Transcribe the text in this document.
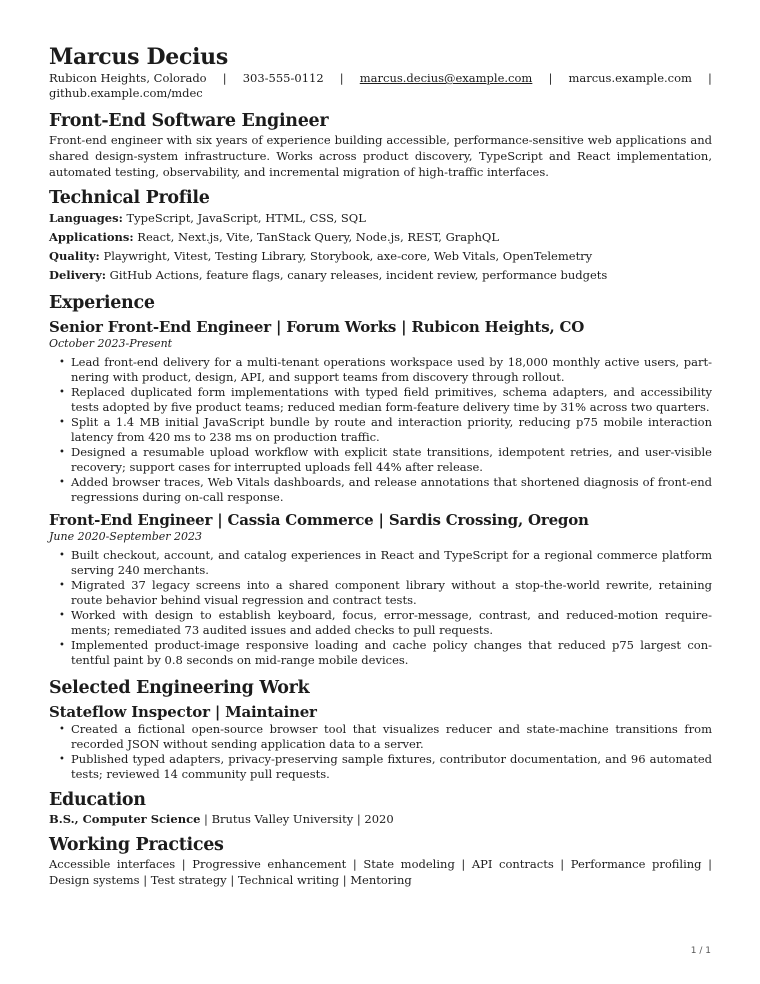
Marcus Decius
Rubicon Heights, Colorado | 303-555-0112 | marcus.decius@example.com | marcus.example.com |
github.example.com/mdec
Front-End Software Engineer

Front-end engineer with six years of experience building accessible, performance-sensitive web applications and shared design-system infrastructure. Works across product discovery, TypeScript and React implementation, automated testing, observability, and incremental migration of high-traffic interfaces.

Technical Profile
Languages: TypeScript, JavaScript, HTML, CSS, SQL
Applications: React, Next.js, Vite, TanStack Query, Node.js, REST, GraphQL
Quality: Playwright, Vitest, Testing Library, Storybook, axe-core, Web Vitals, OpenTelemetry
Delivery: GitHub Actions, feature flags, canary releases, incident review, performance budgets
Experience
Senior Front-End Engineer | Forum Works | Rubicon Heights, CO
October 2023-Present
• Lead front-end delivery for a multi-tenant operations workspace used by 18,000 monthly active users, partnering with product, design, API, and support teams from discovery through rollout.
• Replaced duplicated form implementations with typed field primitives, schema adapters, and accessibility tests adopted by five product teams; reduced median form-feature delivery time by 31% across two quarters.
• Split a 1.4 MB initial JavaScript bundle by route and interaction priority, reducing p75 mobile interaction latency from 420 ms to 238 ms on production traffic.
• Designed a resumable upload workflow with explicit state transitions, idempotent retries, and user-visible recovery; support cases for interrupted uploads fell 44% after release.
• Added browser traces, Web Vitals dashboards, and release annotations that shortened diagnosis of front-end regressions during on-call response.
Front-End Engineer | Cassia Commerce | Sardis Crossing, Oregon
June 2020-September 2023
• Built checkout, account, and catalog experiences in React and TypeScript for a regional commerce platform serving 240 merchants.
• Migrated 37 legacy screens into a shared component library without a stop-the-world rewrite, retaining route behavior behind visual regression and contract tests.
• Worked with design to establish keyboard, focus, error-message, contrast, and reduced-motion requirements; remediated 73 audited issues and added checks to pull requests.
• Implemented product-image responsive loading and cache policy changes that reduced p75 largest contentful paint by 0.8 seconds on mid-range mobile devices.
Selected Engineering Work
Stateflow Inspector | Maintainer
• Created a fictional open-source browser tool that visualizes reducer and state-machine transitions from recorded JSON without sending application data to a server.
• Published typed adapters, privacy-preserving sample fixtures, contributor documentation, and 96 automated tests; reviewed 14 community pull requests.
Education
B.S., Computer Science | Brutus Valley University | 2020
Working Practices
Accessible interfaces | Progressive enhancement | State modeling | API contracts | Performance profiling | Design systems | Test strategy | Technical writing | Mentoring
1 / 1
